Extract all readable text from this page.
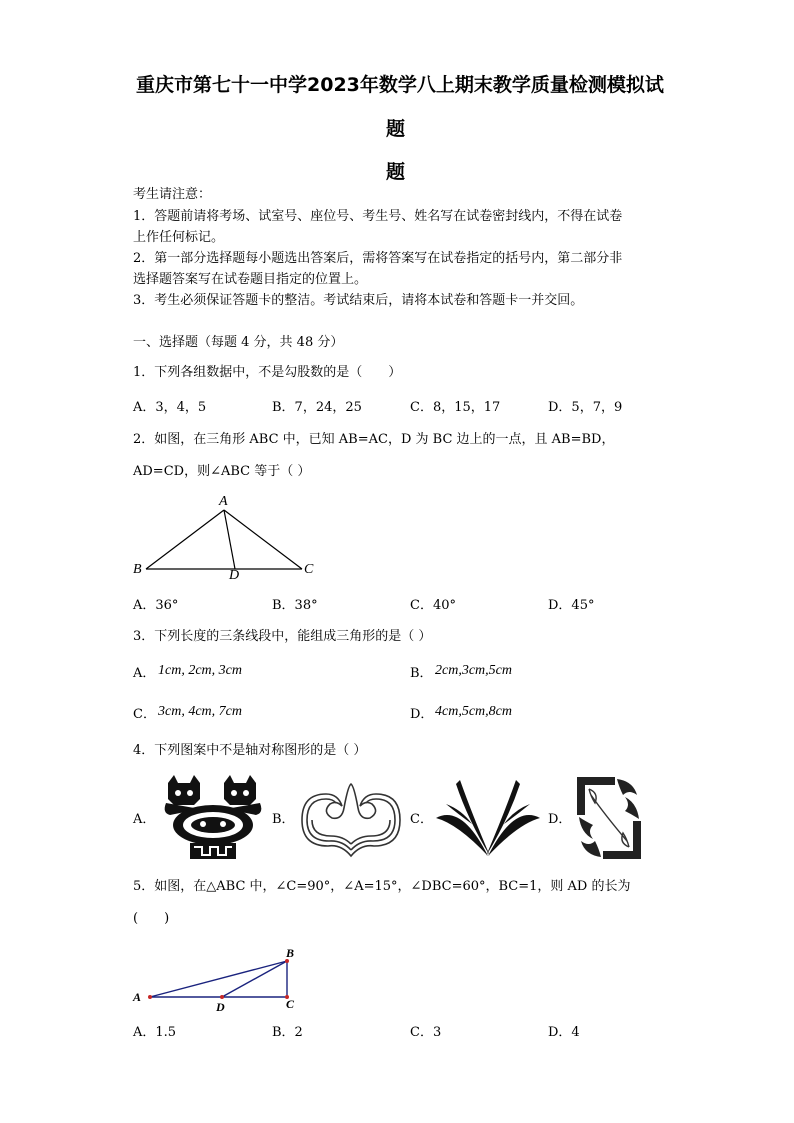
重庆市第七十一中学2023年数学八上期末教学质量检测模拟试
题
题
考生请注意：
1．答题前请将考场、试室号、座位号、考生号、姓名写在试卷密封线内，不得在试卷
上作任何标记。
2．第一部分选择题每小题选出答案后，需将答案写在试卷指定的括号内，第二部分非
选择题答案写在试卷题目指定的位置上。
3．考生必须保证答题卡的整洁。考试结束后，请将本试卷和答题卡一并交回。
一、选择题（每题 4 分，共 48 分）
1．下列各组数据中，不是勾股数的是（　　）
A．3，4，5	B．7，24，25	C．8，15，17	D．5，7，9
2．如图，在三角形 ABC 中，已知 AB=AC，D 为 BC 边上的一点，且 AB=BD，
AD=CD，则∠ABC 等于（ ）
A
B	C
D
A．36°	B．38°	C．40°	D．45°
3．下列长度的三条线段中，能组成三角形的是（ ）
A． 1cm, 2cm, 3cm	B． 2cm,3cm,5cm
C． 3cm, 4cm, 7cm	D． 4cm,5cm,8cm
4．下列图案中不是轴对称图形的是（ ）
A．	B．	C．	D．
5．如图，在△ABC 中，∠C=90°，∠A=15°，∠DBC=60°，BC=1，则 AD 的长为
(　　)
A
B
C
D
A．1.5	B．2	C．3	D．4
